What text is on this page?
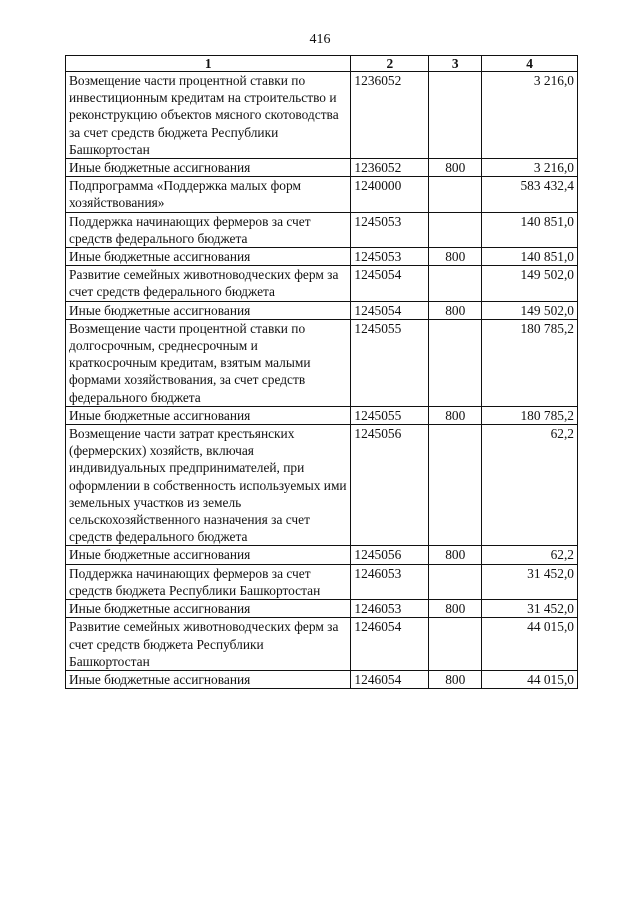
416
1	2	3	4
Возмещение части процентной ставки по инвестиционным кредитам на строительство и реконструкцию объектов мясного скотоводства за счет средств бюджета Республики Башкортостан	1236052		3 216,0
Иные бюджетные ассигнования	1236052	800	3 216,0
Подпрограмма «Поддержка малых форм хозяйствования»	1240000		583 432,4
Поддержка начинающих фермеров за счет средств федерального бюджета	1245053		140 851,0
Иные бюджетные ассигнования	1245053	800	140 851,0
Развитие семейных животноводческих ферм за счет средств федерального бюджета	1245054		149 502,0
Иные бюджетные ассигнования	1245054	800	149 502,0
Возмещение части процентной ставки по долгосрочным, среднесрочным и краткосрочным кредитам, взятым малыми формами хозяйствования, за счет средств федерального бюджета	1245055		180 785,2
Иные бюджетные ассигнования	1245055	800	180 785,2
Возмещение части затрат крестьянских (фермерских) хозяйств, включая индивидуальных предпринимателей, при оформлении в собственность используемых ими земельных участков из земель сельскохозяйственного назначения за счет средств федерального бюджета	1245056		62,2
Иные бюджетные ассигнования	1245056	800	62,2
Поддержка начинающих фермеров за счет средств бюджета Республики Башкортостан	1246053		31 452,0
Иные бюджетные ассигнования	1246053	800	31 452,0
Развитие семейных животноводческих ферм за счет средств бюджета Республики Башкортостан	1246054		44 015,0
Иные бюджетные ассигнования	1246054	800	44 015,0
